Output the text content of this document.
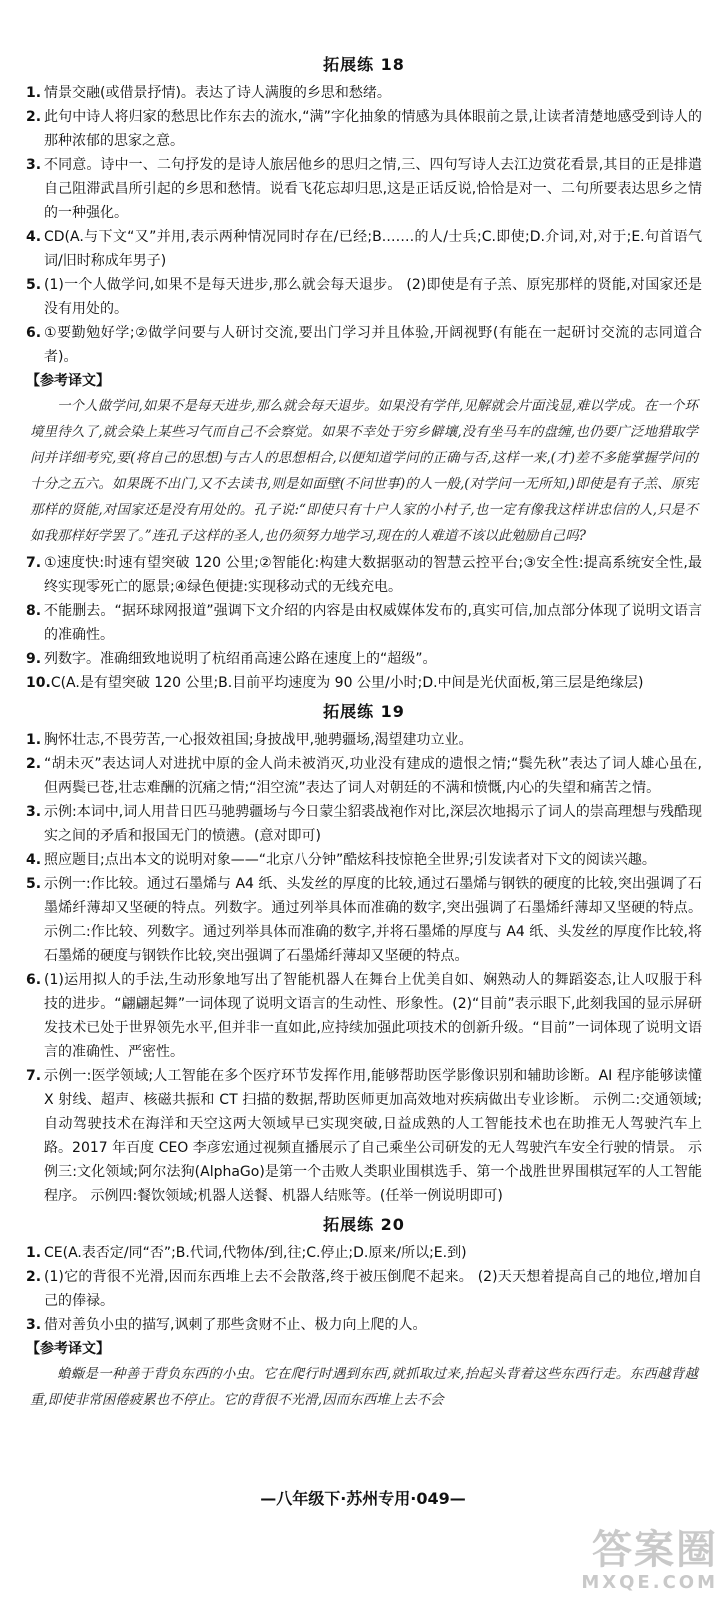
拓展练 18
1. 情景交融(或借景抒情)。表达了诗人满腹的乡思和愁绪。
2. 此句中诗人将归家的愁思比作东去的流水,“满”字化抽象的情感为具体眼前之景,让读者清楚地感受到诗人的那种浓郁的思家之意。
3. 不同意。诗中一、二句抒发的是诗人旅居他乡的思归之情,三、四句写诗人去江边赏花看景,其目的正是排遣自己阻滞武昌所引起的乡思和愁情。说看飞花忘却归思,这是正话反说,恰恰是对一、二句所要表达思乡之情的一种强化。
4. CD(A.与下文“又”并用,表示两种情况同时存在/已经;B.……的人/士兵;C.即使;D.介词,对,对于;E.句首语气词/旧时称成年男子)
5. (1)一个人做学问,如果不是每天进步,那么就会每天退步。 (2)即使是有子羔、原宪那样的贤能,对国家还是没有用处的。
6. ①要勤勉好学;②做学问要与人研讨交流,要出门学习并且体验,开阔视野(有能在一起研讨交流的志同道合者)。
【参考译文】

一个人做学问,如果不是每天进步,那么就会每天退步。如果没有学伴,见解就会片面浅显,难以学成。在一个环境里待久了,就会染上某些习气而自己不会察觉。如果不幸处于穷乡僻壤,没有坐马车的盘缠,也仍要广泛地猎取学问并详细考究,要(将自己的思想)与古人的思想相合,以便知道学问的正确与否,这样一来,(才)差不多能掌握学问的十分之五六。如果既不出门,又不去读书,则是如面壁(不问世事)的人一般,(对学问一无所知,)即使是有子羔、原宪那样的贤能,对国家还是没有用处的。孔子说:“即使只有十户人家的小村子,也一定有像我这样讲忠信的人,只是不如我那样好学罢了。”连孔子这样的圣人,也仍须努力地学习,现在的人难道不该以此勉励自己吗?

7. ①速度快:时速有望突破 120 公里;②智能化:构建大数据驱动的智慧云控平台;③安全性:提高系统安全性,最终实现零死亡的愿景;④绿色便捷:实现移动式的无线充电。
8. 不能删去。“据环球网报道”强调下文介绍的内容是由权威媒体发布的,真实可信,加点部分体现了说明文语言的准确性。
9. 列数字。准确细致地说明了杭绍甬高速公路在速度上的“超级”。
10. C(A.是有望突破 120 公里;B.目前平均速度为 90 公里/小时;D.中间是光伏面板,第三层是绝缘层)
拓展练 19
1. 胸怀壮志,不畏劳苦,一心报效祖国;身披战甲,驰骋疆场,渴望建功立业。
2. “胡未灭”表达词人对进扰中原的金人尚未被消灭,功业没有建成的遗恨之情;“鬓先秋”表达了词人雄心虽在,但两鬓已苍,壮志难酬的沉痛之情;“泪空流”表达了词人对朝廷的不满和愤慨,内心的失望和痛苦之情。
3. 示例:本词中,词人用昔日匹马驰骋疆场与今日蒙尘貂裘战袍作对比,深层次地揭示了词人的崇高理想与残酷现实之间的矛盾和报国无门的愤懑。(意对即可)
4. 照应题目;点出本文的说明对象——“北京八分钟”酷炫科技惊艳全世界;引发读者对下文的阅读兴趣。
5. 示例一:作比较。通过石墨烯与 A4 纸、头发丝的厚度的比较,通过石墨烯与钢铁的硬度的比较,突出强调了石墨烯纤薄却又坚硬的特点。列数字。通过列举具体而准确的数字,突出强调了石墨烯纤薄却又坚硬的特点。 示例二:作比较、列数字。通过列举具体而准确的数字,并将石墨烯的厚度与 A4 纸、头发丝的厚度作比较,将石墨烯的硬度与钢铁作比较,突出强调了石墨烯纤薄却又坚硬的特点。
6. (1)运用拟人的手法,生动形象地写出了智能机器人在舞台上优美自如、娴熟动人的舞蹈姿态,让人叹服于科技的进步。“翩翩起舞”一词体现了说明文语言的生动性、形象性。(2)“目前”表示眼下,此刻我国的显示屏研发技术已处于世界领先水平,但并非一直如此,应持续加强此项技术的创新升级。“目前”一词体现了说明文语言的准确性、严密性。
7. 示例一:医学领域;人工智能在多个医疗环节发挥作用,能够帮助医学影像识别和辅助诊断。AI 程序能够读懂 X 射线、超声、核磁共振和 CT 扫描的数据,帮助医师更加高效地对疾病做出专业诊断。 示例二:交通领域;自动驾驶技术在海洋和天空这两大领域早已实现突破,日益成熟的人工智能技术也在助推无人驾驶汽车上路。2017 年百度 CEO 李彦宏通过视频直播展示了自己乘坐公司研发的无人驾驶汽车安全行驶的情景。 示例三:文化领域;阿尔法狗(AlphaGo)是第一个击败人类职业围棋选手、第一个战胜世界围棋冠军的人工智能程序。 示例四:餐饮领域;机器人送餐、机器人结账等。(任举一例说明即可)
拓展练 20
1. CE(A.表否定/同“否”;B.代词,代物体/到,往;C.停止;D.原来/所以;E.到)
2. (1)它的背很不光滑,因而东西堆上去不会散落,终于被压倒爬不起来。 (2)天天想着提高自己的地位,增加自己的俸禄。
3. 借对善负小虫的描写,讽刺了那些贪财不止、极力向上爬的人。
【参考译文】

蝜蝂是一种善于背负东西的小虫。它在爬行时遇到东西,就抓取过来,抬起头背着这些东西行走。东西越背越重,即使非常困倦疲累也不停止。它的背很不光滑,因而东西堆上去不会

—八年级下·苏州专用·049—
答案圈
MXQE.COM
